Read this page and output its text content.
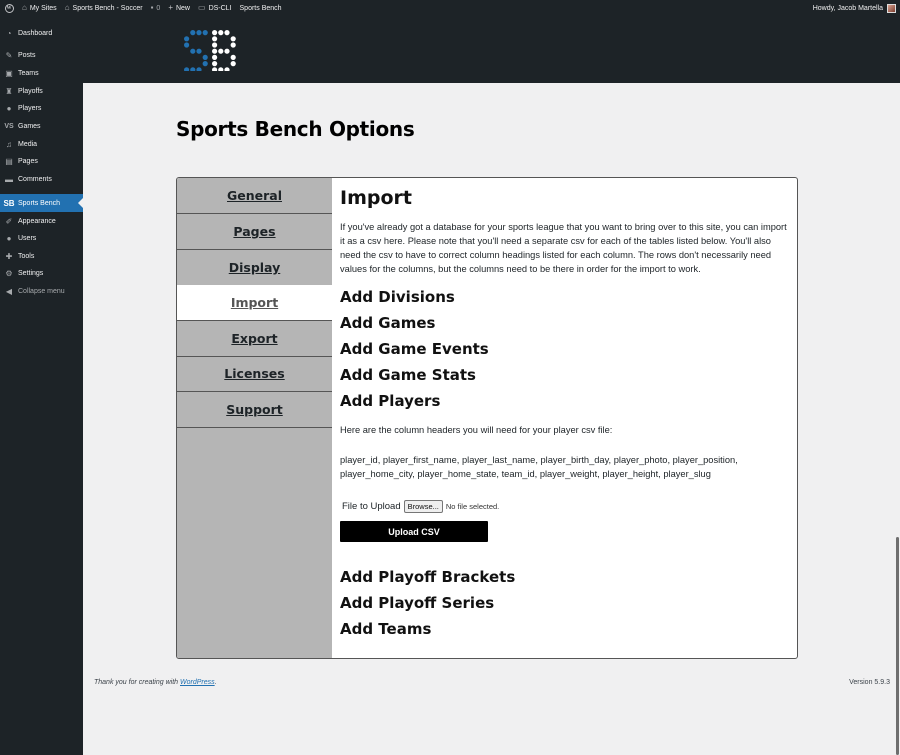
W ⌂ My Sites ⌂ Sports Bench - Soccer ▪ 0 + New ▭ DS-CLI Sports Bench	Howdy, Jacob Martella
◔ Dashboard
✎ Posts
▣ Teams
♜ Playoffs
● Players
VS Games
♫ Media
▤ Pages
▬ Comments
SB Sports Bench
✐ Appearance
● Users
✚ Tools
⚙ Settings
◀ Collapse menu
Sports Bench Options
General
Pages
Display
Import
Export
Licenses
Support
Import

If you've already got a database for your sports league that you want to bring over to this site, you can import it as a csv here. Please note that you'll need a separate csv for each of the tables listed below. You'll also need the csv to have to correct column headings listed for each column. The rows don't necessarily need values for the columns, but the columns need to be there in order for the import to work.

Add Divisions
Add Games
Add Game Events
Add Game Stats
Add Players

Here are the column headers you will need for your player csv file:

player_id, player_first_name, player_last_name, player_birth_day, player_photo, player_position, player_home_city, player_home_state, team_id, player_weight, player_height, player_slug

File to Upload Browse... No file selected.
Upload CSV
Add Playoff Brackets
Add Playoff Series
Add Teams
Thank you for creating with WordPress.	Version 5.9.3
